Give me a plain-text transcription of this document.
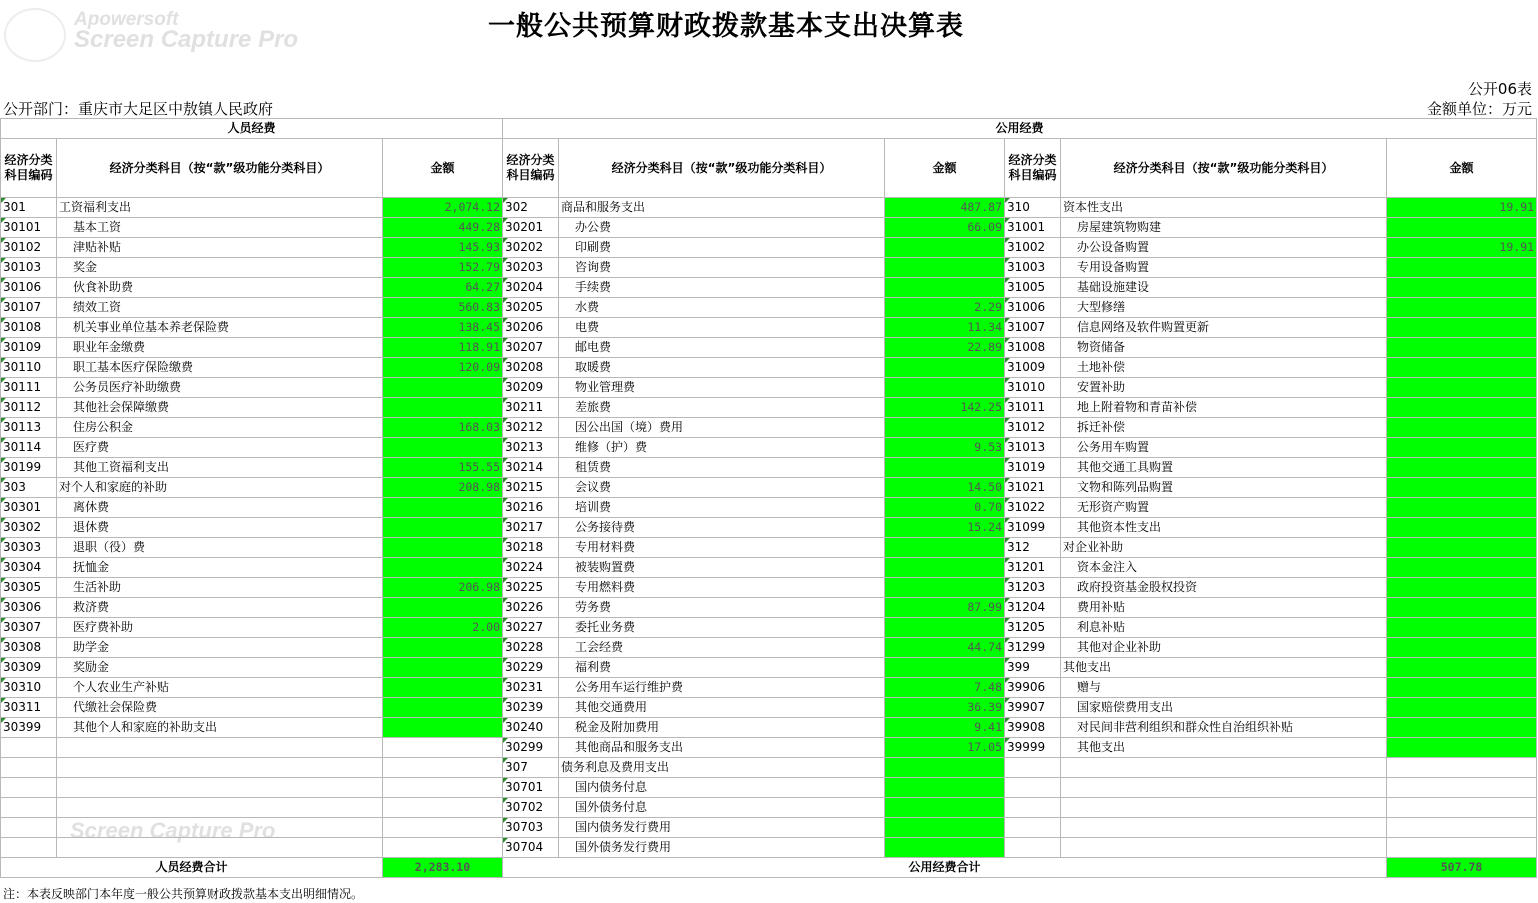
Apowersoft
Screen Capture Pro
Screen Capture Pro
一般公共预算财政拨款基本支出决算表
公开06表
公开部门：重庆市大足区中敖镇人民政府	金额单位：万元
人员经费			公用经费					
经济分类科目编码	经济分类科目（按“款”级功能分类科目）	金额	经济分类科目编码	经济分类科目（按“款”级功能分类科目）	金额	经济分类科目编码	经济分类科目（按“款”级功能分类科目）	金额
301	工资福利支出	2,074.12	302	商品和服务支出	487.87	310	资本性支出	19.91
30101	基本工资	449.28	30201	办公费	66.09	31001	房屋建筑物购建	
30102	津贴补贴	145.93	30202	印刷费		31002	办公设备购置	19.91
30103	奖金	152.79	30203	咨询费		31003	专用设备购置	
30106	伙食补助费	64.27	30204	手续费		31005	基础设施建设	
30107	绩效工资	560.83	30205	水费	2.29	31006	大型修缮	
30108	机关事业单位基本养老保险费	138.45	30206	电费	11.34	31007	信息网络及软件购置更新	
30109	职业年金缴费	118.91	30207	邮电费	22.89	31008	物资储备	
30110	职工基本医疗保险缴费	120.09	30208	取暖费		31009	土地补偿	
30111	公务员医疗补助缴费		30209	物业管理费		31010	安置补助	
30112	其他社会保障缴费		30211	差旅费	142.25	31011	地上附着物和青苗补偿	
30113	住房公积金	168.03	30212	因公出国（境）费用		31012	拆迁补偿	
30114	医疗费		30213	维修（护）费	9.53	31013	公务用车购置	
30199	其他工资福利支出	155.55	30214	租赁费		31019	其他交通工具购置	
303	对个人和家庭的补助	208.98	30215	会议费	14.50	31021	文物和陈列品购置	
30301	离休费		30216	培训费	0.70	31022	无形资产购置	
30302	退休费		30217	公务接待费	15.24	31099	其他资本性支出	
30303	退职（役）费		30218	专用材料费		312	对企业补助	
30304	抚恤金		30224	被装购置费		31201	资本金注入	
30305	生活补助	206.98	30225	专用燃料费		31203	政府投资基金股权投资	
30306	救济费		30226	劳务费	87.99	31204	费用补贴	
30307	医疗费补助	2.00	30227	委托业务费		31205	利息补贴	
30308	助学金		30228	工会经费	44.74	31299	其他对企业补助	
30309	奖励金		30229	福利费		399	其他支出	
30310	个人农业生产补贴		30231	公务用车运行维护费	7.48	39906	赠与	
30311	代缴社会保险费		30239	其他交通费用	36.39	39907	国家赔偿费用支出	
30399	其他个人和家庭的补助支出		30240	税金及附加费用	9.41	39908	对民间非营利组织和群众性自治组织补贴	
			30299	其他商品和服务支出	17.05	39999	其他支出	
			307	债务利息及费用支出				
			30701	国内债务付息				
			30702	国外债务付息				
			30703	国内债务发行费用				
			30704	国外债务发行费用				
人员经费合计		2,283.10	公用经费合计					507.78
注：本表反映部门本年度一般公共预算财政拨款基本支出明细情况。
